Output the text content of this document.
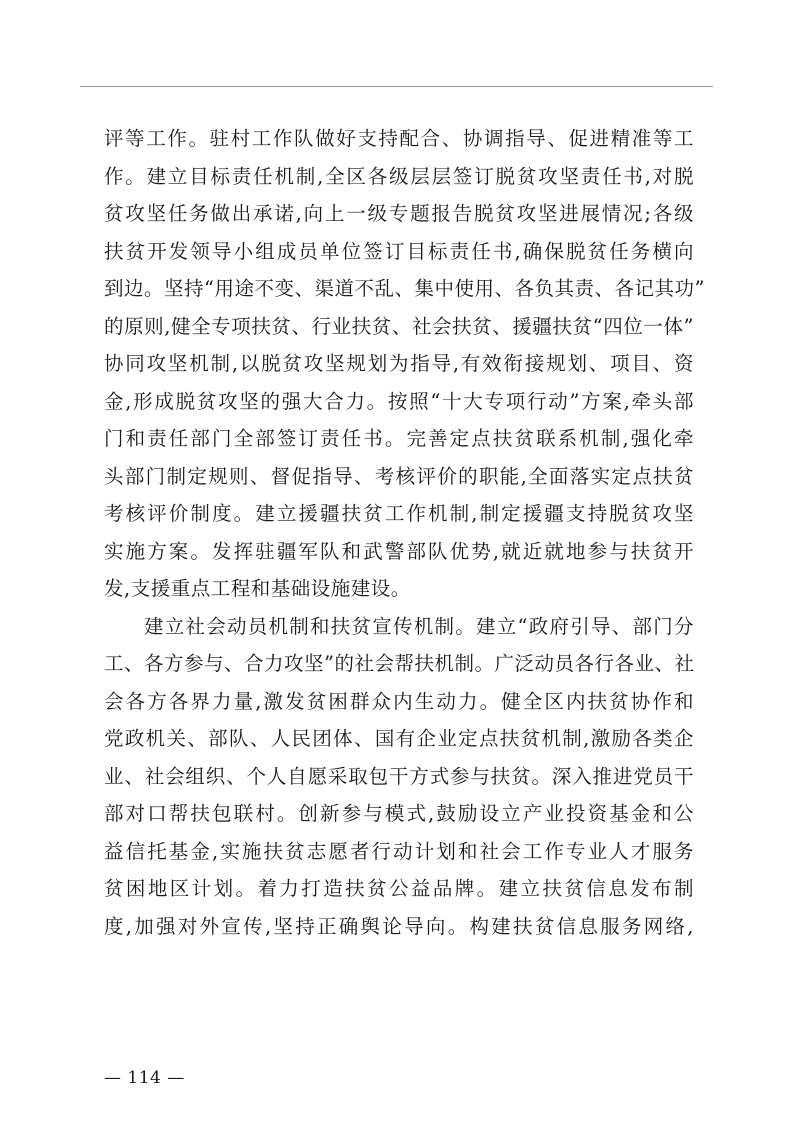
评等工作。驻村工作队做好支持配合、协调指导、促进精准等工
作。建立目标责任机制,全区各级层层签订脱贫攻坚责任书,对脱
贫攻坚任务做出承诺,向上一级专题报告脱贫攻坚进展情况;各级
扶贫开发领导小组成员单位签订目标责任书,确保脱贫任务横向
到边。坚持“用途不变、渠道不乱、集中使用、各负其责、各记其功”
的原则,健全专项扶贫、行业扶贫、社会扶贫、援疆扶贫“四位一体”
协同攻坚机制,以脱贫攻坚规划为指导,有效衔接规划、项目、资
金,形成脱贫攻坚的强大合力。按照“十大专项行动”方案,牵头部
门和责任部门全部签订责任书。完善定点扶贫联系机制,强化牵
头部门制定规则、督促指导、考核评价的职能,全面落实定点扶贫
考核评价制度。建立援疆扶贫工作机制,制定援疆支持脱贫攻坚
实施方案。发挥驻疆军队和武警部队优势,就近就地参与扶贫开
发,支援重点工程和基础设施建设。
建立社会动员机制和扶贫宣传机制。建立“政府引导、部门分
工、各方参与、合力攻坚”的社会帮扶机制。广泛动员各行各业、社
会各方各界力量,激发贫困群众内生动力。健全区内扶贫协作和
党政机关、部队、人民团体、国有企业定点扶贫机制,激励各类企
业、社会组织、个人自愿采取包干方式参与扶贫。深入推进党员干
部对口帮扶包联村。创新参与模式,鼓励设立产业投资基金和公
益信托基金,实施扶贫志愿者行动计划和社会工作专业人才服务
贫困地区计划。着力打造扶贫公益品牌。建立扶贫信息发布制
度,加强对外宣传,坚持正确舆论导向。构建扶贫信息服务网络,
— 114 —
